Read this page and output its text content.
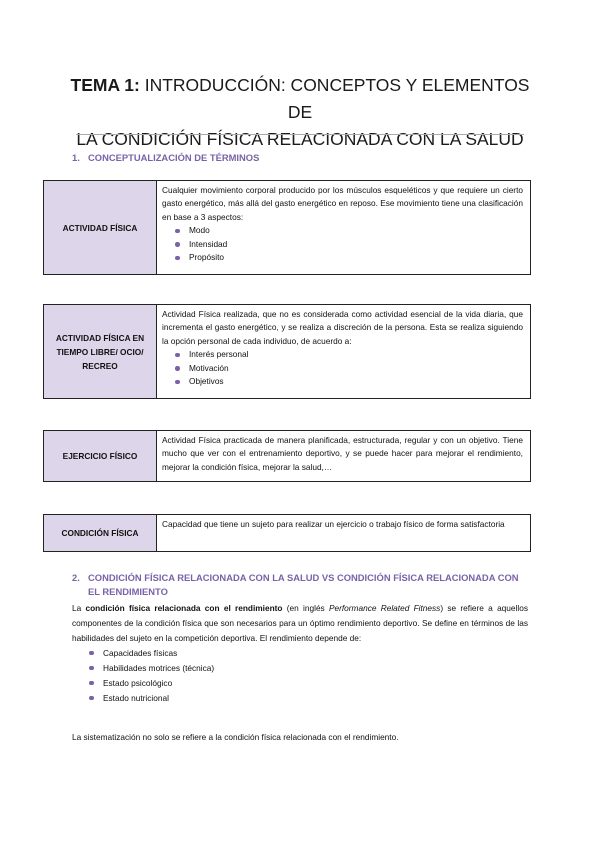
TEMA 1: INTRODUCCIÓN: CONCEPTOS Y ELEMENTOS DE
LA CONDICIÓN FÍSICA RELACIONADA CON LA SALUD
1. CONCEPTUALIZACIÓN DE TÉRMINOS
ACTIVIDAD FÍSICA
Cualquier movimiento corporal producido por los músculos esqueléticos y que requiere un cierto gasto energético, más allá del gasto energético en reposo. Ese movimiento tiene una clasificación en base a 3 aspectos:
Modo
Intensidad
Propósito
ACTIVIDAD FÍSICA EN TIEMPO LIBRE/ OCIO/ RECREO
Actividad Física realizada, que no es considerada como actividad esencial de la vida diaria, que incrementa el gasto energético, y se realiza a discreción de la persona. Esta se realiza siguiendo la opción personal de cada individuo, de acuerdo a:
Interés personal
Motivación
Objetivos
EJERCICIO FÍSICO
Actividad Física practicada de manera planificada, estructurada, regular y con un objetivo. Tiene mucho que ver con el entrenamiento deportivo, y se puede hacer para mejorar el rendimiento, mejorar la condición física, mejorar la salud,…
CONDICIÓN FÍSICA
Capacidad que tiene un sujeto para realizar un ejercicio o trabajo físico de forma satisfactoria
2. CONDICIÓN FÍSICA RELACIONADA CON LA SALUD VS CONDICIÓN FÍSICA RELACIONADA CON EL RENDIMIENTO
La condición física relacionada con el rendimiento (en inglés Performance Related Fitness) se refiere a aquellos componentes de la condición física que son necesarios para un óptimo rendimiento deportivo. Se define en términos de las habilidades del sujeto en la competición deportiva. El rendimiento depende de:
Capacidades físicas
Habilidades motrices (técnica)
Estado psicológico
Estado nutricional
La sistematización no solo se refiere a la condición física relacionada con el rendimiento.
